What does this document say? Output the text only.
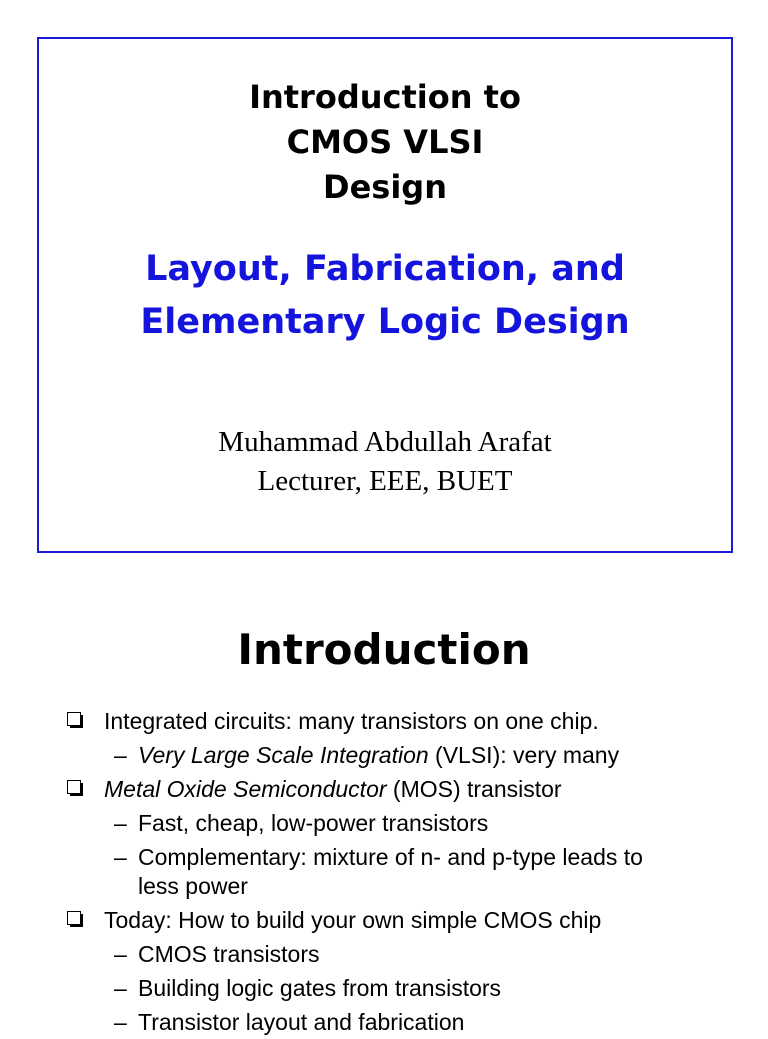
Introduction to
CMOS VLSI
Design
Layout, Fabrication, and
Elementary Logic Design
Muhammad Abdullah Arafat
Lecturer, EEE, BUET
Introduction
Integrated circuits: many transistors on one chip.
– Very Large Scale Integration (VLSI): very many
Metal Oxide Semiconductor (MOS) transistor
– Fast, cheap, low-power transistors
– Complementary: mixture of n- and p-type leads to
less power
Today: How to build your own simple CMOS chip
– CMOS transistors
– Building logic gates from transistors
– Transistor layout and fabrication
